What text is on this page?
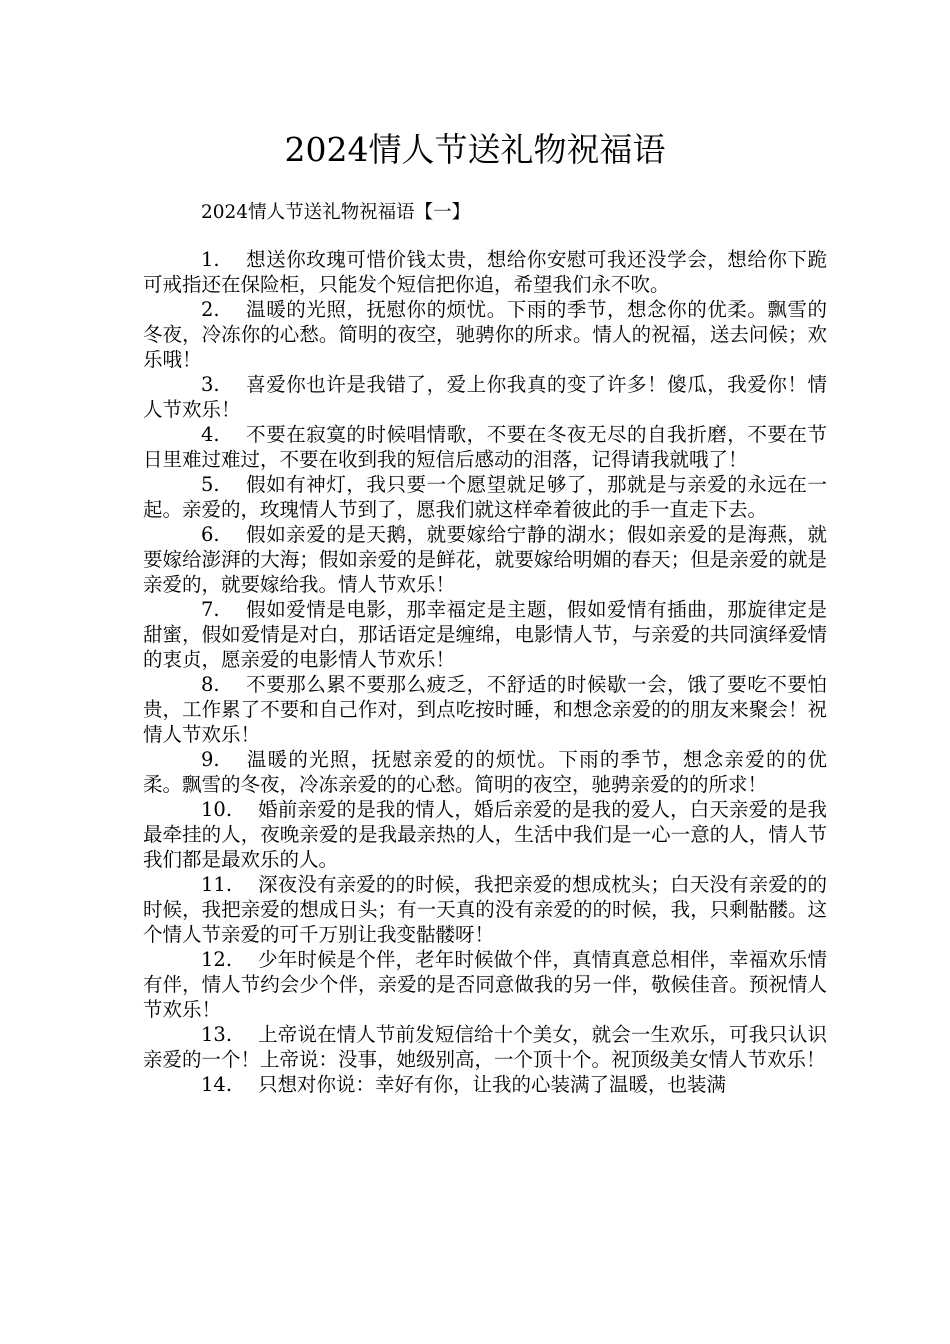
2024情人节送礼物祝福语
2024情人节送礼物祝福语【一】
1. 想送你玫瑰可惜价钱太贵，想给你安慰可我还没学会，想给你下跪可戒指还在保险柜，只能发个短信把你追，希望我们永不吹。
2. 温暖的光照，抚慰你的烦忧。下雨的季节，想念你的优柔。飘雪的冬夜，冷冻你的心愁。简明的夜空，驰骋你的所求。情人的祝福，送去问候；欢乐哦！
3. 喜爱你也许是我错了，爱上你我真的变了许多！傻瓜，我爱你！情人节欢乐！
4. 不要在寂寞的时候唱情歌，不要在冬夜无尽的自我折磨，不要在节日里难过难过，不要在收到我的短信后感动的泪落，记得请我就哦了！
5. 假如有神灯，我只要一个愿望就足够了，那就是与亲爱的永远在一起。亲爱的，玫瑰情人节到了，愿我们就这样牵着彼此的手一直走下去。
6. 假如亲爱的是天鹅，就要嫁给宁静的湖水；假如亲爱的是海燕，就要嫁给澎湃的大海；假如亲爱的是鲜花，就要嫁给明媚的春天；但是亲爱的就是亲爱的，就要嫁给我。情人节欢乐！
7. 假如爱情是电影，那幸福定是主题，假如爱情有插曲，那旋律定是甜蜜，假如爱情是对白，那话语定是缠绵，电影情人节，与亲爱的共同演绎爱情的衷贞，愿亲爱的电影情人节欢乐！
8. 不要那么累不要那么疲乏，不舒适的时候歇一会，饿了要吃不要怕贵，工作累了不要和自己作对，到点吃按时睡，和想念亲爱的的朋友来聚会！祝情人节欢乐！
9. 温暖的光照，抚慰亲爱的的烦忧。下雨的季节，想念亲爱的的优柔。飘雪的冬夜，冷冻亲爱的的心愁。简明的夜空，驰骋亲爱的的所求！
10. 婚前亲爱的是我的情人，婚后亲爱的是我的爱人，白天亲爱的是我最牵挂的人，夜晚亲爱的是我最亲热的人，生活中我们是一心一意的人，情人节我们都是最欢乐的人。
11. 深夜没有亲爱的的时候，我把亲爱的想成枕头；白天没有亲爱的的时候，我把亲爱的想成日头；有一天真的没有亲爱的的时候，我，只剩骷髅。这个情人节亲爱的可千万别让我变骷髅呀！
12. 少年时候是个伴，老年时候做个伴，真情真意总相伴，幸福欢乐情有伴，情人节约会少个伴，亲爱的是否同意做我的另一伴，敬候佳音。预祝情人节欢乐！
13. 上帝说在情人节前发短信给十个美女，就会一生欢乐，可我只认识亲爱的一个！上帝说：没事，她级别高，一个顶十个。祝顶级美女情人节欢乐！
14. 只想对你说：幸好有你，让我的心装满了温暖，也装满
